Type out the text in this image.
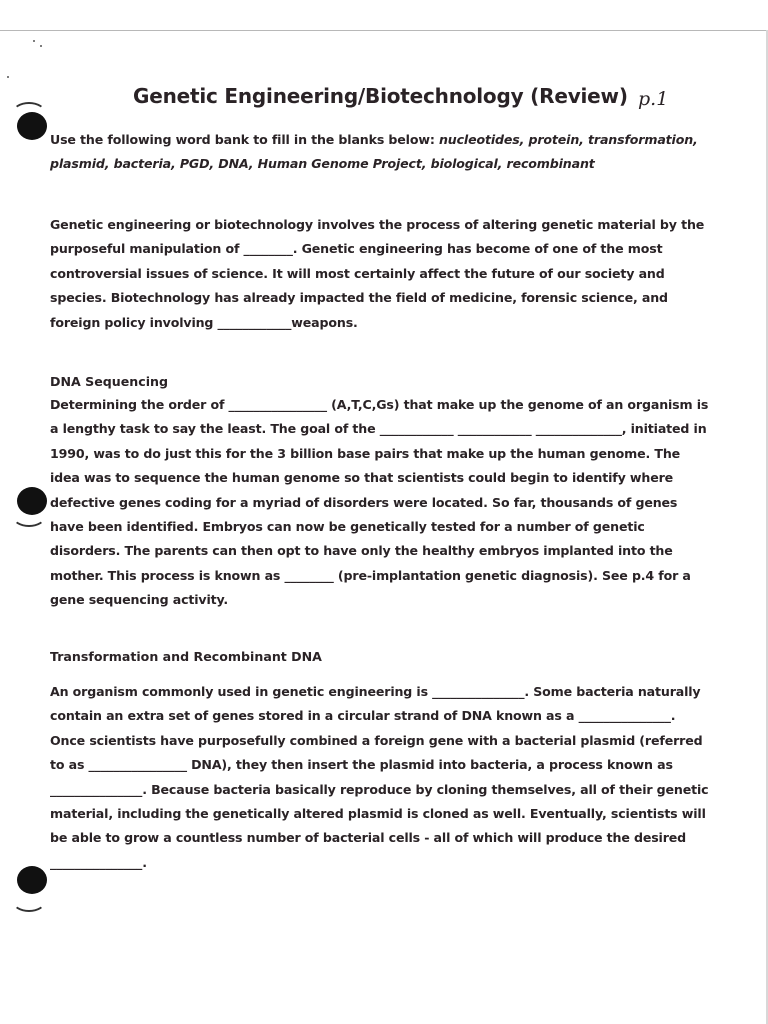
Genetic Engineering/Biotechnology (Review) p.1
Use the following word bank to fill in the blanks below: nucleotides, protein, transformation, plasmid, bacteria, PGD, DNA, Human Genome Project, biological, recombinant
Genetic engineering or biotechnology involves the process of altering genetic material by the purposeful manipulation of ________. Genetic engineering has become of one of the most controversial issues of science. It will most certainly affect the future of our society and species. Biotechnology has already impacted the field of medicine, forensic science, and foreign policy involving ____________weapons.
DNA Sequencing
Determining the order of ________________ (A,T,C,Gs) that make up the genome of an organism is a lengthy task to say the least. The goal of the ____________ ____________ ______________, initiated in 1990, was to do just this for the 3 billion base pairs that make up the human genome. The idea was to sequence the human genome so that scientists could begin to identify where defective genes coding for a myriad of disorders were located. So far, thousands of genes have been identified. Embryos can now be genetically tested for a number of genetic disorders. The parents can then opt to have only the healthy embryos implanted into the mother. This process is known as ________ (pre-implantation genetic diagnosis). See p.4 for a gene sequencing activity.
Transformation and Recombinant DNA
An organism commonly used in genetic engineering is _______________. Some bacteria naturally contain an extra set of genes stored in a circular strand of DNA known as a _______________. Once scientists have purposefully combined a foreign gene with a bacterial plasmid (referred to as ________________ DNA), they then insert the plasmid into bacteria, a process known as _______________. Because bacteria basically reproduce by cloning themselves, all of their genetic material, including the genetically altered plasmid is cloned as well. Eventually, scientists will be able to grow a countless number of bacterial cells - all of which will produce the desired _______________.
